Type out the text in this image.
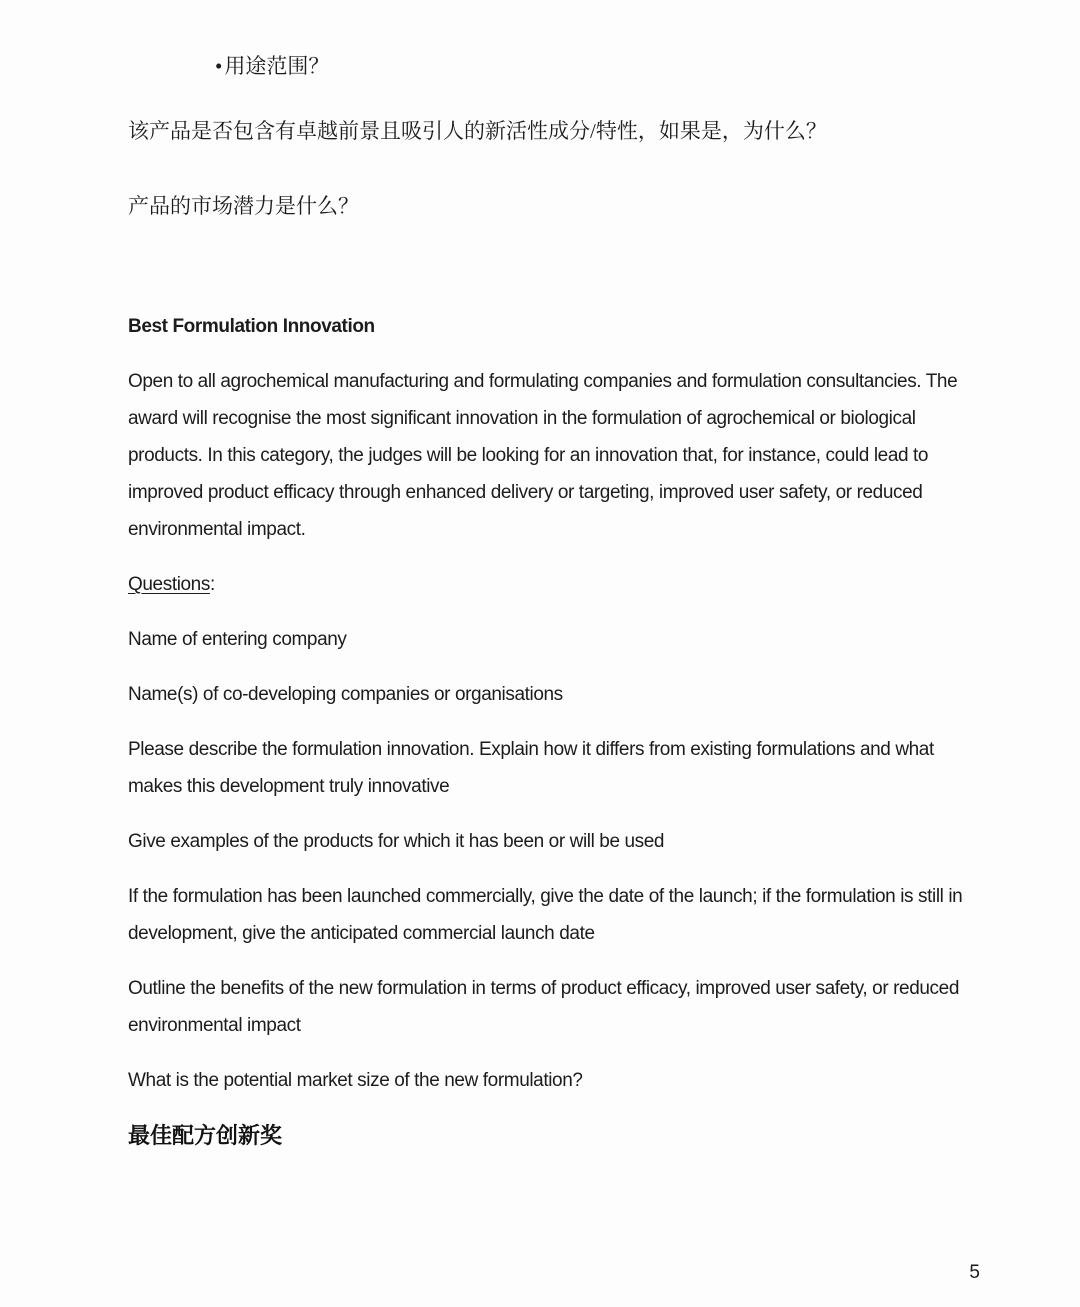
•用途范围？

该产品是否包含有卓越前景且吸引人的新活性成分/特性，如果是，为什么？

产品的市场潜力是什么？

Best Formulation Innovation

Open to all agrochemical manufacturing and formulating companies and formulation consultancies. The award will recognise the most significant innovation in the formulation of agrochemical or biological products. In this category, the judges will be looking for an innovation that, for instance, could lead to improved product efficacy through enhanced delivery or targeting, improved user safety, or reduced environmental impact.

Questions:

Name of entering company

Name(s) of co-developing companies or organisations

Please describe the formulation innovation. Explain how it differs from existing formulations and what makes this development truly innovative

Give examples of the products for which it has been or will be used

If the formulation has been launched commercially, give the date of the launch; if the formulation is still in development, give the anticipated commercial launch date

Outline the benefits of the new formulation in terms of product efficacy, improved user safety, or reduced environmental impact

What is the potential market size of the new formulation?

最佳配方创新奖
5
